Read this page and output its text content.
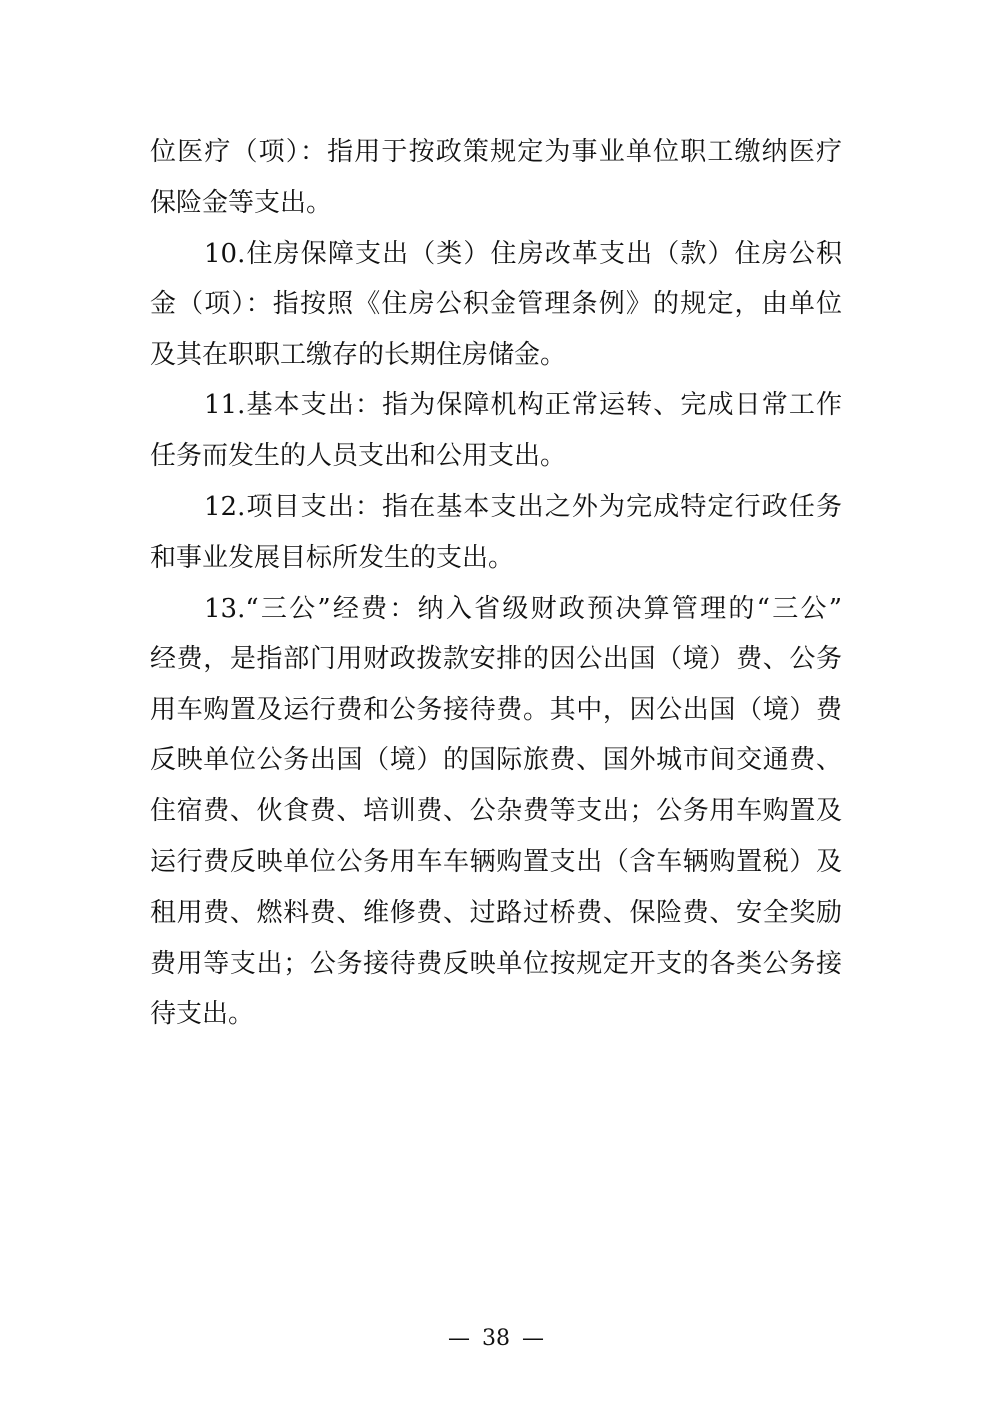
位医疗（项）：指用于按政策规定为事业单位职工缴纳医疗
保险金等支出。
10.住房保障支出（类）住房改革支出（款）住房公积
金（项）：指按照《住房公积金管理条例》的规定，由单位
及其在职职工缴存的长期住房储金。
11.基本支出：指为保障机构正常运转、完成日常工作
任务而发生的人员支出和公用支出。
12.项目支出：指在基本支出之外为完成特定行政任务
和事业发展目标所发生的支出。
13.“三公”经费：纳入省级财政预决算管理的“三公”
经费，是指部门用财政拨款安排的因公出国（境）费、公务
用车购置及运行费和公务接待费。其中，因公出国（境）费
反映单位公务出国（境）的国际旅费、国外城市间交通费、
住宿费、伙食费、培训费、公杂费等支出；公务用车购置及
运行费反映单位公务用车车辆购置支出（含车辆购置税）及
租用费、燃料费、维修费、过路过桥费、保险费、安全奖励
费用等支出；公务接待费反映单位按规定开支的各类公务接
待支出。
— 38 —
